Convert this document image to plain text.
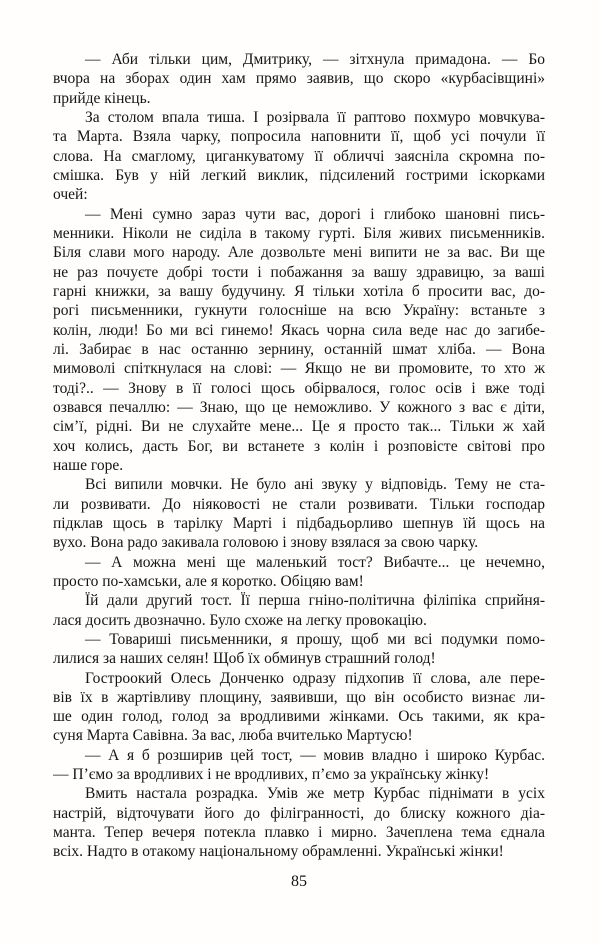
— Аби тільки цим, Дмитрику, — зітхнула примадона. — Бо
вчора на зборах один хам прямо заявив, що скоро «курбасівщині»
прийде кінець.
За столом впала тиша. І розірвала її раптово похмуро мовчкува-
та Марта. Взяла чарку, попросила наповнити її, щоб усі почули її
слова. На смаглому, циганкуватому її обличчі заясніла скромна по-
смішка. Був у ній легкий виклик, підсилений гострими іскорками
очей:
— Мені сумно зараз чути вас, дорогі і глибоко шановні пись-
менники. Ніколи не сиділа в такому гурті. Біля живих письменників.
Біля слави мого народу. Але дозвольте мені випити не за вас. Ви ще
не раз почуєте добрі тости і побажання за вашу здравицю, за ваші
гарні книжки, за вашу будучину. Я тільки хотіла б просити вас, до-
рогі письменники, гукнути голосніше на всю Україну: встаньте з
колін, люди! Бо ми всі гинемо! Якась чорна сила веде нас до загибе-
лі. Забирає в нас останню зернину, останній шмат хліба. — Вона
мимоволі спіткнулася на слові: — Якщо не ви промовите, то хто ж
тоді?.. — Знову в її голосі щось обірвалося, голос осів і вже тоді
озвався печаллю: — Знаю, що це неможливо. У кожного з вас є діти,
сім’ї, рідні. Ви не слухайте мене... Це я просто так... Тільки ж хай
хоч колись, дасть Бог, ви встанете з колін і розповісте світові про
наше горе.
Всі випили мовчки. Не було ані звуку у відповідь. Тему не ста-
ли розвивати. До ніяковості не стали розвивати. Тільки господар
підклав щось в тарілку Марті і підбадьорливо шепнув їй щось на
вухо. Вона радо закивала головою і знову взялася за свою чарку.
— А можна мені ще маленький тост? Вибачте... це нечемно,
просто по-хамськи, але я коротко. Обіцяю вам!
Їй дали другий тост. Її перша гніно-політична філіпіка сприйня-
лася досить двозначно. Було схоже на легку провокацію.
— Товариші письменники, я прошу, щоб ми всі подумки помо-
лилися за наших селян! Щоб їх обминув страшний голод!
Гостроокий Олесь Донченко одразу підхопив її слова, але пере-
вів їх в жартівливу площину, заявивши, що він особисто визнає ли-
ше один голод, голод за вродливими жінками. Ось такими, як кра-
суня Марта Савівна. За вас, люба вчителько Мартусю!
— А я б розширив цей тост, — мовив владно і широко Курбас.
— П’ємо за вродливих і не вродливих, п’ємо за українську жінку!
Вмить настала розрадка. Умів же метр Курбас піднімати в усіх
настрій, відточувати його до філігранності, до блиску кожного діа-
манта. Тепер вечеря потекла плавко і мирно. Зачеплена тема єднала
всіх. Надто в отакому національному обрамленні. Українські жінки!
85
